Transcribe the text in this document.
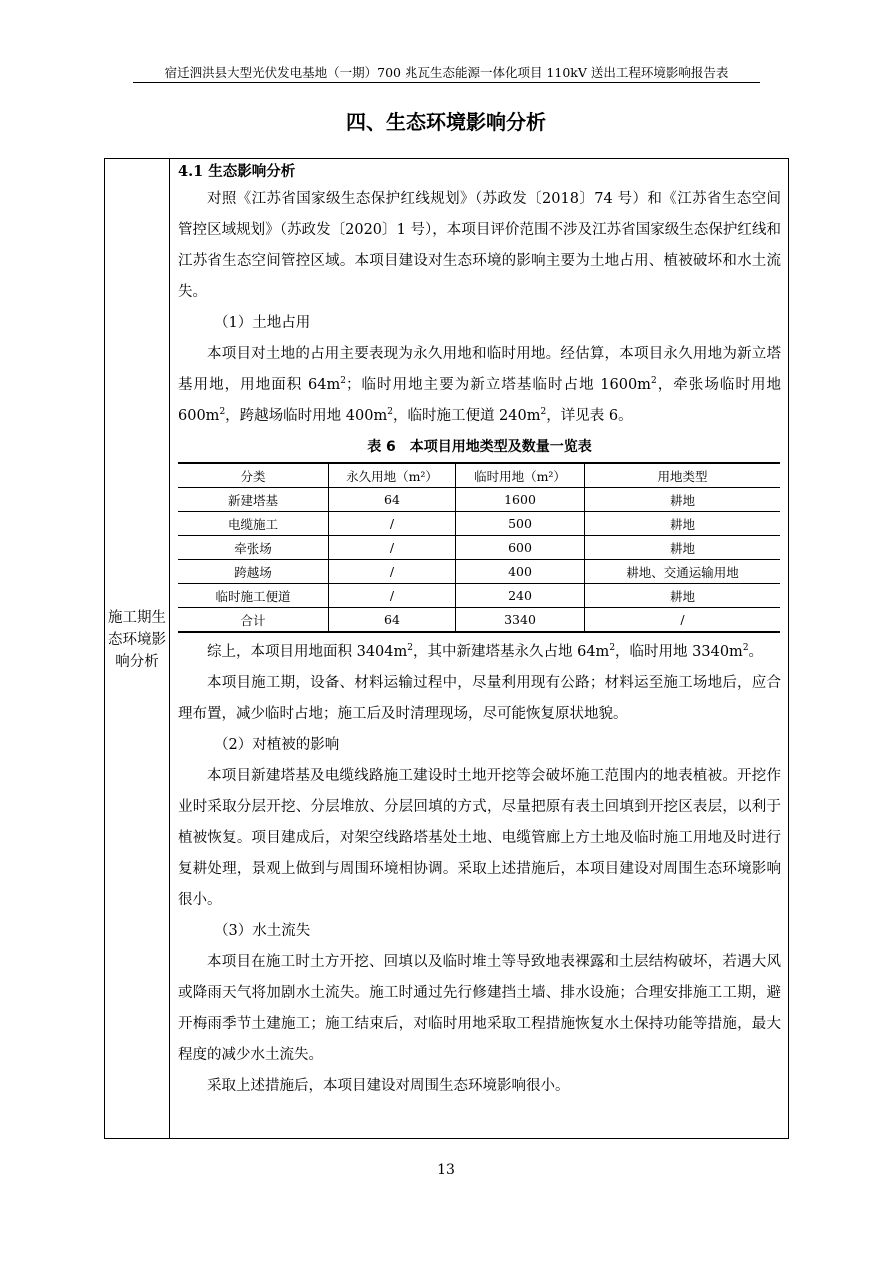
宿迁泗洪县大型光伏发电基地（一期）700 兆瓦生态能源一体化项目 110kV 送出工程环境影响报告表
四、生态环境影响分析
施工期生
态环境影
响分析
4.1 生态影响分析

对照《江苏省国家级生态保护红线规划》（苏政发〔2018〕74 号）和《江苏省生态空间管控区域规划》（苏政发〔2020〕1 号），本项目评价范围不涉及江苏省国家级生态保护红线和江苏省生态空间管控区域。本项目建设对生态环境的影响主要为土地占用、植被破坏和水土流失。

（1）土地占用

本项目对土地的占用主要表现为永久用地和临时用地。经估算，本项目永久用地为新立塔基用地，用地面积 $64m^2$；临时用地主要为新立塔基临时占地 $1600m^2$，牵张场临时用地 $600m^2$，跨越场临时用地 $400m^2$，临时施工便道 $240m^2$，详见表 6。

表 6　本项目用地类型及数量一览表
分类	永久用地（m²）	临时用地（m²）	用地类型
新建塔基	64	1600	耕地
电缆施工	/	500	耕地
牵张场	/	600	耕地
跨越场	/	400	耕地、交通运输用地
临时施工便道	/	240	耕地
合计	64	3340	/

综上，本项目用地面积 $3404m^2$，其中新建塔基永久占地 $64m^2$，临时用地 $3340m^2$。

本项目施工期，设备、材料运输过程中，尽量利用现有公路；材料运至施工场地后，应合理布置，减少临时占地；施工后及时清理现场，尽可能恢复原状地貌。

（2）对植被的影响

本项目新建塔基及电缆线路施工建设时土地开挖等会破坏施工范围内的地表植被。开挖作业时采取分层开挖、分层堆放、分层回填的方式，尽量把原有表土回填到开挖区表层，以利于植被恢复。项目建成后，对架空线路塔基处土地、电缆管廊上方土地及临时施工用地及时进行复耕处理，景观上做到与周围环境相协调。采取上述措施后，本项目建设对周围生态环境影响很小。

（3）水土流失

本项目在施工时土方开挖、回填以及临时堆土等导致地表裸露和土层结构破坏，若遇大风或降雨天气将加剧水土流失。施工时通过先行修建挡土墙、排水设施；合理安排施工工期，避开梅雨季节土建施工；施工结束后，对临时用地采取工程措施恢复水土保持功能等措施，最大程度的减少水土流失。

采取上述措施后，本项目建设对周围生态环境影响很小。

13
